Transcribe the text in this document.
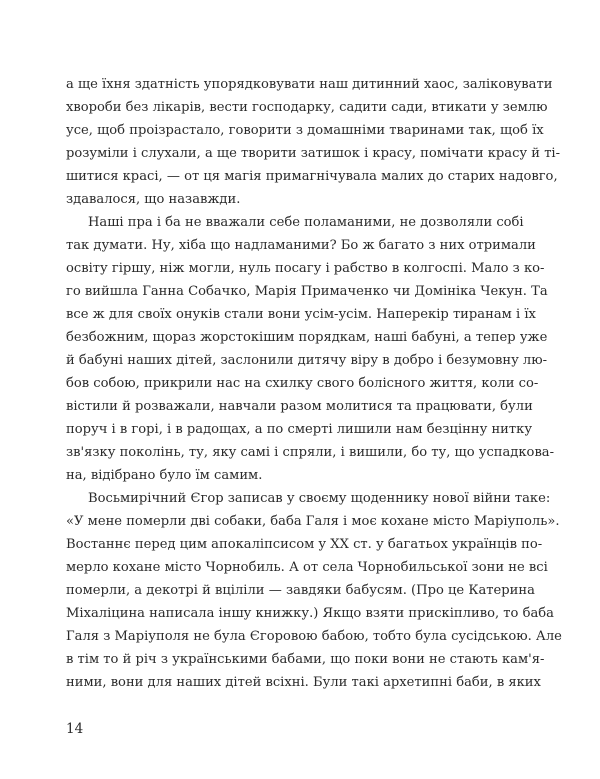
а ще їхня здатність упорядковувати наш дитинний хаос, заліковувати
хвороби без лікарів, вести господарку, садити сади, втикати у землю
усе, щоб проізрастало, говорити з домашніми тваринами так, щоб їх
розуміли і слухали, а ще творити затишок і красу, помічати красу й ті-
шитися красі, — от ця магія примагнічувала малих до старих надовго,
здавалося, що назавжди.
Наші пра і ба не вважали себе поламаними, не дозволяли собі
так думати. Ну, хіба що надламаними? Бо ж багато з них отримали
освіту гіршу, ніж могли, нуль посагу і рабство в колгоспі. Мало з ко-
го вийшла Ганна Собачко, Марія Примаченко чи Домініка Чекун. Та
все ж для своїх онуків стали вони усім-усім. Наперекір тиранам і їх
безбожним, щораз жорстокішим порядкам, наші бабуні, а тепер уже
й бабуні наших дітей, заслонили дитячу віру в добро і безумовну лю-
бов собою, прикрили нас на схилку свого болісного життя, коли со-
вістили й розважали, навчали разом молитися та працювати, були
поруч і в горі, і в радощах, а по смерті лишили нам безцінну нитку
зв'язку поколінь, ту, яку самі і спряли, і вишили, бо ту, що успадкова-
на, відібрано було їм самим.
Восьмирічний Єгор записав у своєму щоденнику нової війни таке:
«У мене померли дві собаки, баба Галя і моє кохане місто Маріуполь».
Востаннє перед цим апокаліпсисом у ХХ ст. у багатьох українців по-
мерло кохане місто Чорнобиль. А от села Чорнобильської зони не всі
померли, а декотрі й вціліли — завдяки бабусям. (Про це Катерина
Міхаліцина написала іншу книжку.) Якщо взяти прискіпливо, то баба
Галя з Маріуполя не була Єгоровою бабою, тобто була сусідською. Але
в тім то й річ з українськими бабами, що поки вони не стають кам'я-
ними, вони для наших дітей всіхні. Були такі архетипні баби, в яких
14
